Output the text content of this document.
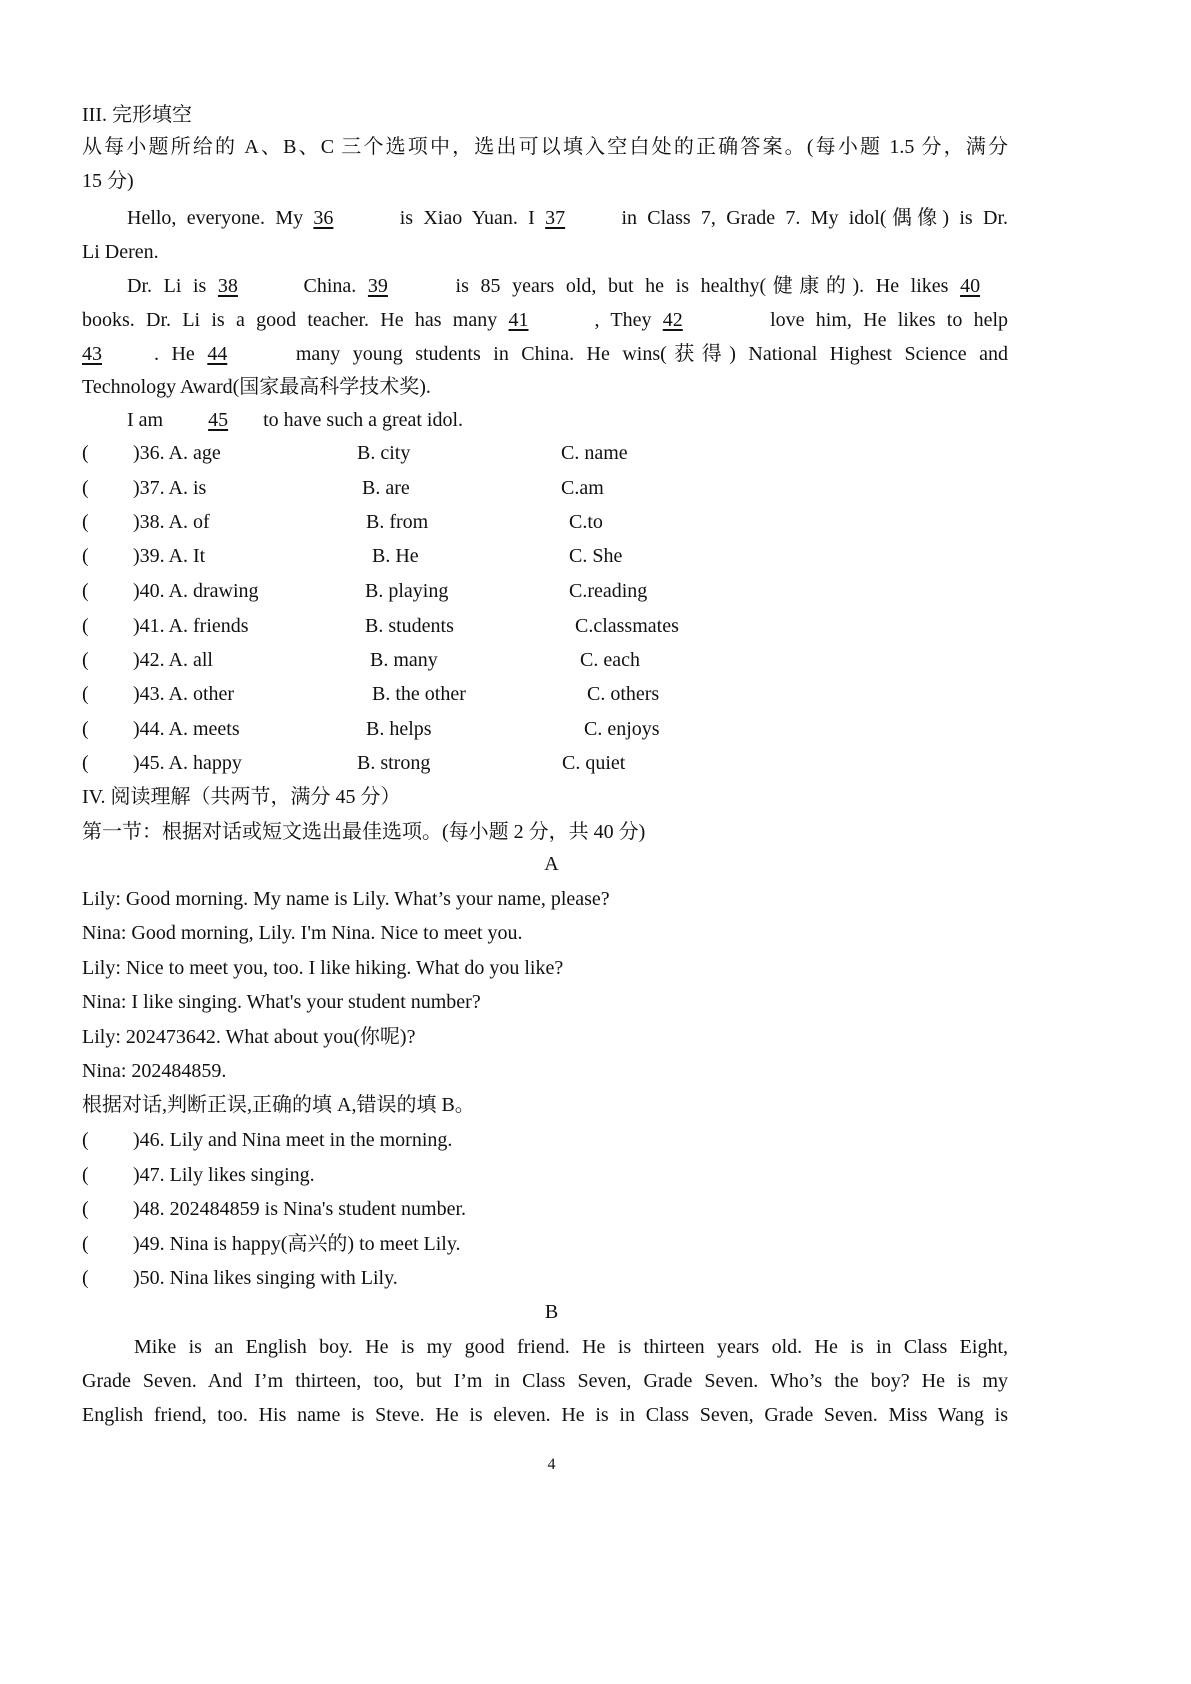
III. 完形填空
从每小题所给的 A、B、C 三个选项中，选出可以填入空白处的正确答案。(每小题 1.5 分，满分
15 分)
Hello, everyone. My 36	is Xiao Yuan. I 37	in Class 7, Grade 7. My idol(偶像) is Dr.
Li Deren.
Dr. Li is 38	China. 39	is 85 years old, but he is healthy(健康的). He likes 40
books. Dr. Li is a good teacher. He has many 41	, They 42	love him, He likes to help
43	. He 44	many young students in China. He wins(获得) National Highest Science and
Technology Award(国家最高科学技术奖).
I am 45 to have such a great idol.
( )36. A. age	B. city	C. name
( )37. A. is	B. are	C.am
( )38. A. of	B. from	C.to
( )39. A. It	B. He	C. She
( )40. A. drawing	B. playing	C.reading
( )41. A. friends	B. students	C.classmates
( )42. A. all	B. many	C. each
( )43. A. other	B. the other	C. others
( )44. A. meets	B. helps	C. enjoys
( )45. A. happy	B. strong	C. quiet
IV. 阅读理解（共两节，满分 45 分）
第一节：根据对话或短文选出最佳选项。(每小题 2 分，共 40 分)
A
Lily: Good morning. My name is Lily. What’s your name, please?
Nina: Good morning, Lily. I'm Nina. Nice to meet you.
Lily: Nice to meet you, too. I like hiking. What do you like?
Nina: I like singing. What's your student number?
Lily: 202473642. What about you(你呢)?
Nina: 202484859.
根据对话,判断正误,正确的填 A,错误的填 B。
( )46. Lily and Nina meet in the morning.
( )47. Lily likes singing.
( )48. 202484859 is Nina's student number.
( )49. Nina is happy(高兴的) to meet Lily.
( )50. Nina likes singing with Lily.
B
Mike is an English boy. He is my good friend. He is thirteen years old. He is in Class Eight,
Grade Seven. And I’m thirteen, too, but I’m in Class Seven, Grade Seven. Who’s the boy? He is my
English friend, too. His name is Steve. He is eleven. He is in Class Seven, Grade Seven. Miss Wang is
4
